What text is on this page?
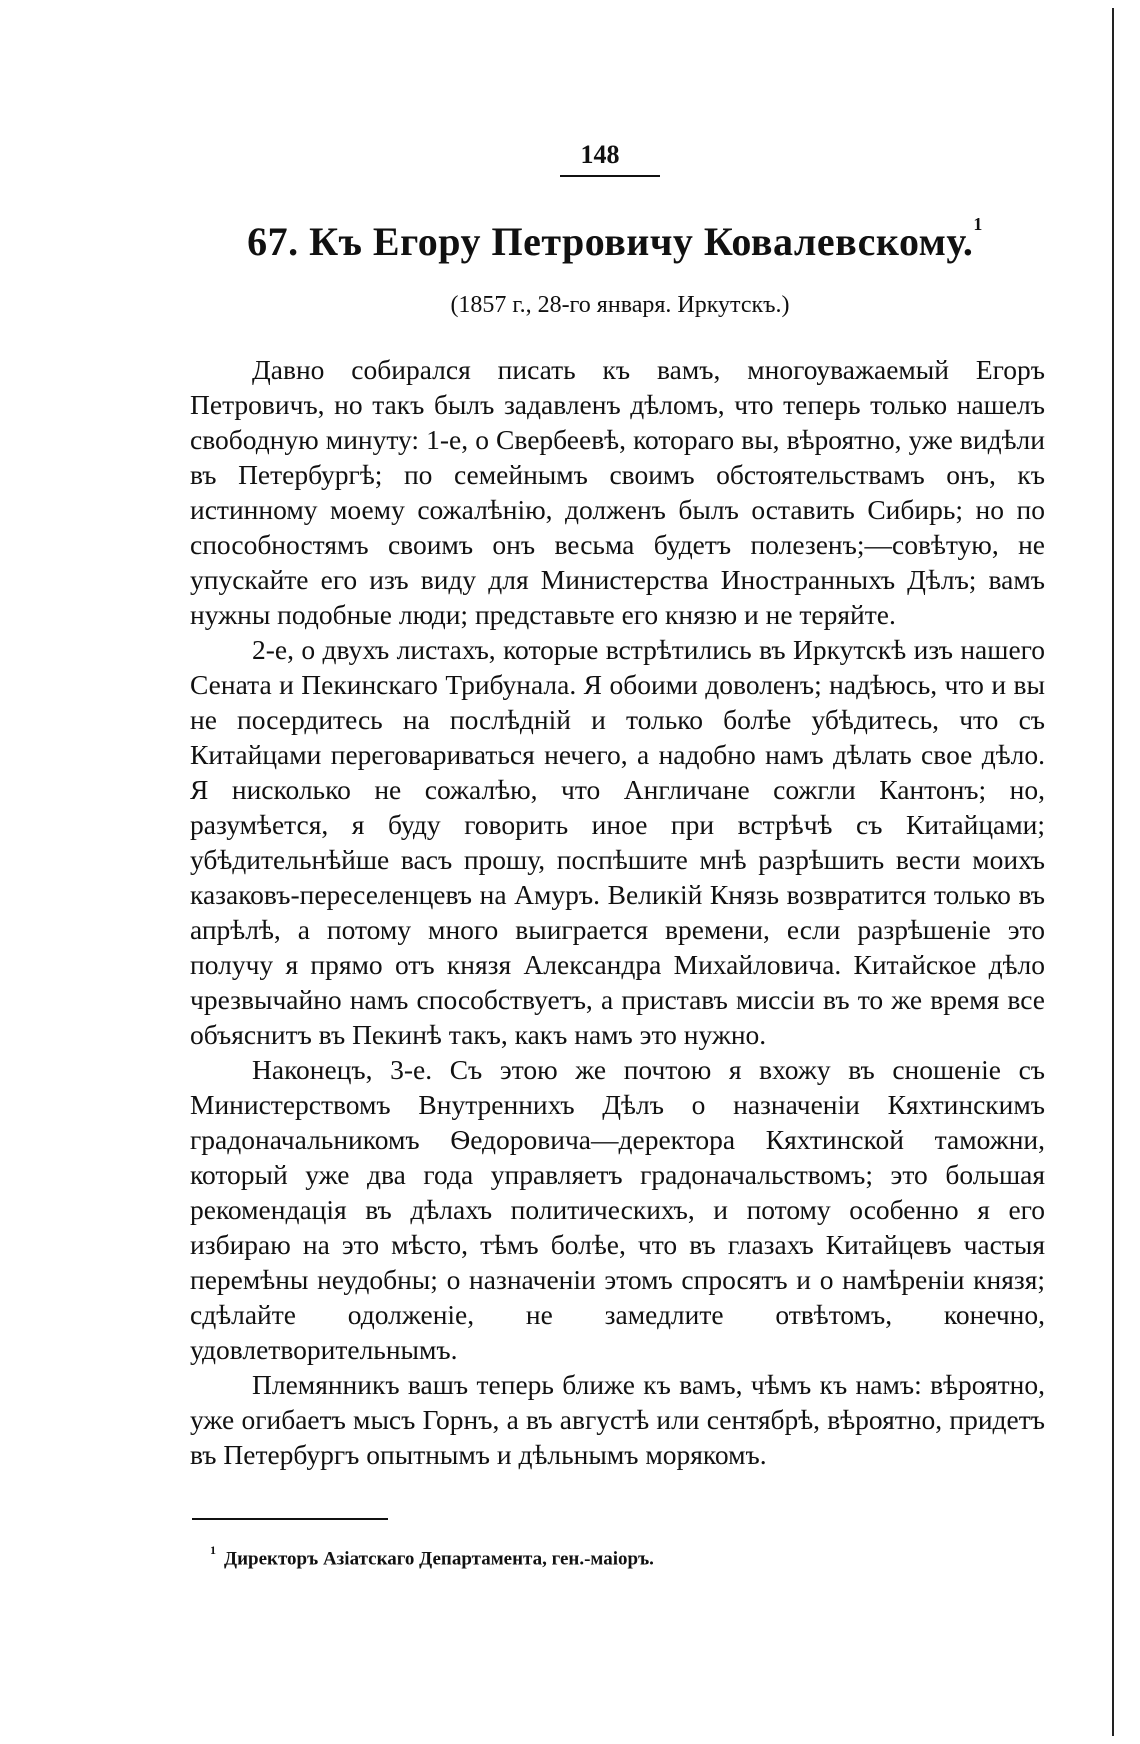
148
67. Къ Егору Петровичу Ковалевскому.$^1$
(1857 г., 28-го января. Иркутскъ.)

Давно собирался писать къ вамъ, многоуважаемый Егоръ Петровичъ, но такъ былъ задавленъ дѣломъ, что теперь только нашелъ свободную минуту: 1-е, о Свербеевѣ, котораго вы, вѣроятно, уже видѣли въ Петербургѣ; по семейнымъ своимъ обстоятельствамъ онъ, къ истинному моему сожалѣнію, долженъ былъ оставить Сибирь; но по способностямъ своимъ онъ весьма будетъ полезенъ;—совѣтую, не упускайте его изъ виду для Министерства Иностранныхъ Дѣлъ; вамъ нужны подобные люди; представьте его князю и не теряйте.

2-е, о двухъ листахъ, которые встрѣтились въ Иркутскѣ изъ нашего Сената и Пекинскаго Трибунала. Я обоими доволенъ; надѣюсь, что и вы не посердитесь на послѣдній и только болѣе убѣдитесь, что съ Китайцами переговариваться нечего, а надобно намъ дѣлать свое дѣло. Я нисколько не сожалѣю, что Англичане сожгли Кантонъ; но, разумѣется, я буду говорить иное при встрѣчѣ съ Китайцами; убѣдительнѣйше васъ прошу, поспѣшите мнѣ разрѣшить вести моихъ казаковъ-переселенцевъ на Амуръ. Великій Князь возвратится только въ апрѣлѣ, а потому много выиграется времени, если разрѣшеніе это получу я прямо отъ князя Александра Михайловича. Китайское дѣло чрезвычайно намъ способствуетъ, а приставъ миссіи въ то же время все объяснитъ въ Пекинѣ такъ, какъ намъ это нужно.

Наконецъ, 3-е. Съ этою же почтою я вхожу въ сношеніе съ Министерствомъ Внутреннихъ Дѣлъ о назначеніи Кяхтинскимъ градоначальникомъ Ѳедоровича—деректора Кяхтинской таможни, который уже два года управляетъ градоначальствомъ; это большая рекомендація въ дѣлахъ политическихъ, и потому особенно я его избираю на это мѣсто, тѣмъ болѣе, что въ глазахъ Китайцевъ частыя перемѣны неудобны; о назначеніи этомъ спросятъ и о намѣреніи князя; сдѣлайте одолженіе, не замедлите отвѣтомъ, конечно, удовлетворительнымъ.

Племянникъ вашъ теперь ближе къ вамъ, чѣмъ къ намъ: вѣроятно, уже огибаетъ мысъ Горнъ, а въ августѣ или сентябрѣ, вѣроятно, придетъ въ Петербургъ опытнымъ и дѣльнымъ морякомъ.

$^1$ Директоръ Азіатскаго Департамента, ген.-маіоръ.
